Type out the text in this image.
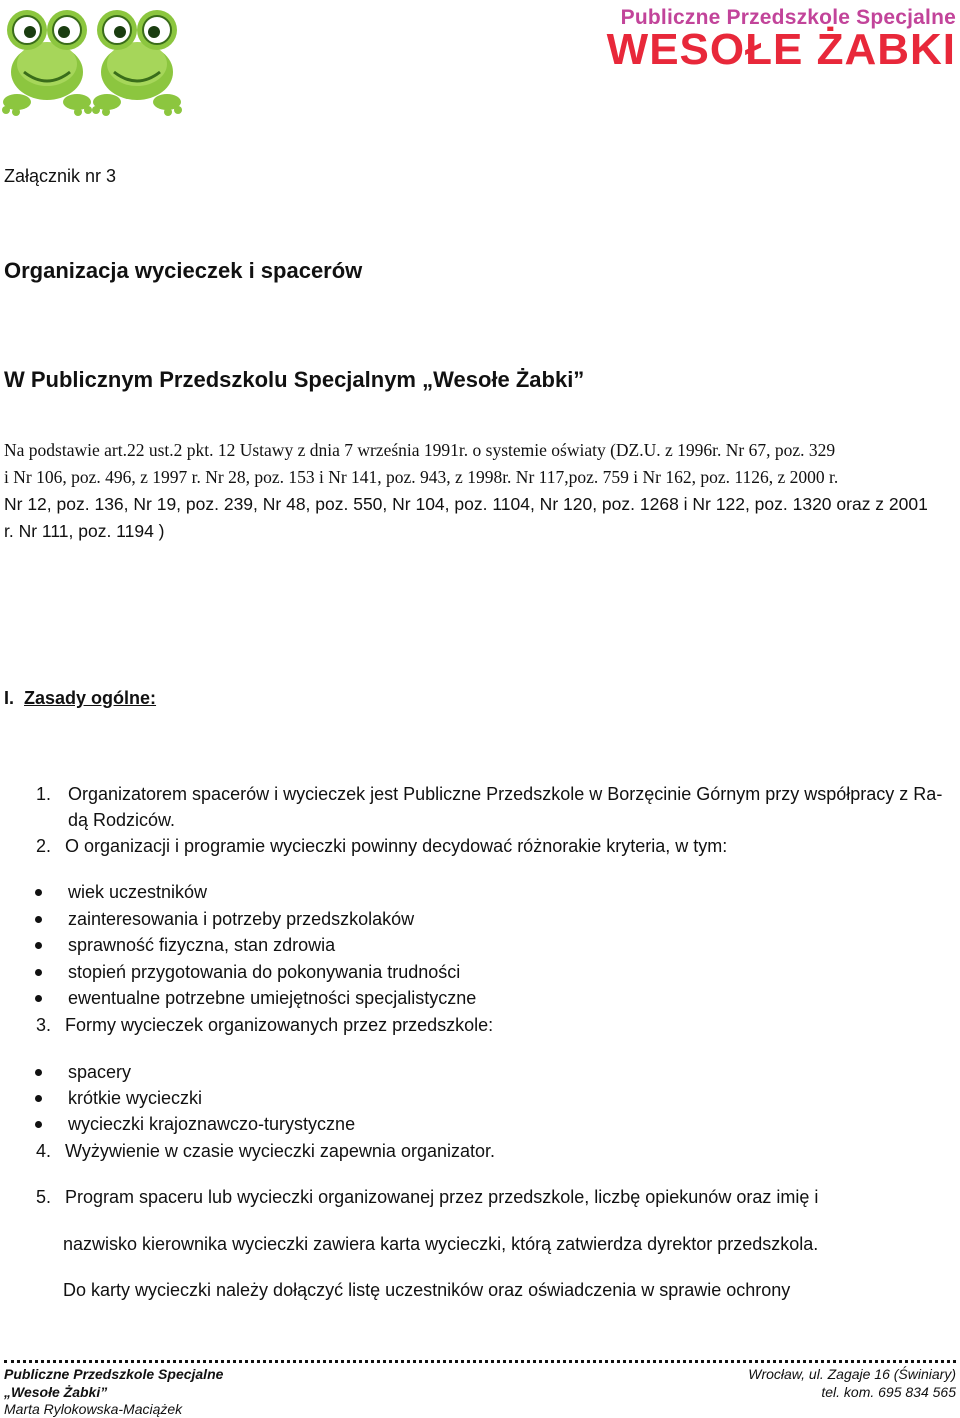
Publiczne Przedszkole Specjalne
WESOŁE ŻABKI
Załącznik nr 3
Organizacja wycieczek i spacerów
W Publicznym Przedszkolu Specjalnym „Wesołe Żabki”
Na podstawie art.22 ust.2 pkt. 12 Ustawy z dnia 7 września 1991r. o systemie oświaty (DZ.U. z 1996r. Nr 67, poz. 329
i Nr 106, poz. 496, z 1997 r. Nr 28, poz. 153 i Nr 141, poz. 943, z 1998r. Nr 117,poz. 759 i Nr 162, poz. 1126, z 2000 r.
Nr 12, poz. 136, Nr 19, poz. 239, Nr 48, poz. 550, Nr 104, poz. 1104, Nr 120, poz. 1268 i Nr 122, poz. 1320 oraz z 2001
r. Nr 111, poz. 1194 )
I. Zasady ogólne:
1. Organizatorem spacerów i wycieczek jest Publiczne Przedszkole w Borzęcinie Górnym przy współpracy z Ra-
dą Rodziców.
2. O organizacji i programie wycieczki powinny decydować różnorakie kryteria, w tym:
wiek uczestników
zainteresowania i potrzeby przedszkolaków
sprawność fizyczna, stan zdrowia
stopień przygotowania do pokonywania trudności
ewentualne potrzebne umiejętności specjalistyczne
3. Formy wycieczek organizowanych przez przedszkole:
spacery
krótkie wycieczki
wycieczki krajoznawczo-turystyczne
4. Wyżywienie w czasie wycieczki zapewnia organizator.
5. Program spaceru lub wycieczki organizowanej przez przedszkole, liczbę opiekunów oraz imię i
nazwisko kierownika wycieczki zawiera karta wycieczki, którą zatwierdza dyrektor przedszkola.
Do karty wycieczki należy dołączyć listę uczestników oraz oświadczenia w sprawie ochrony
Publiczne Przedszkole Specjalne
„Wesołe Żabki”
Marta Rylokowska-Maciążek
Wrocław, ul. Zagaje 16 (Świniary)
tel. kom. 695 834 565
